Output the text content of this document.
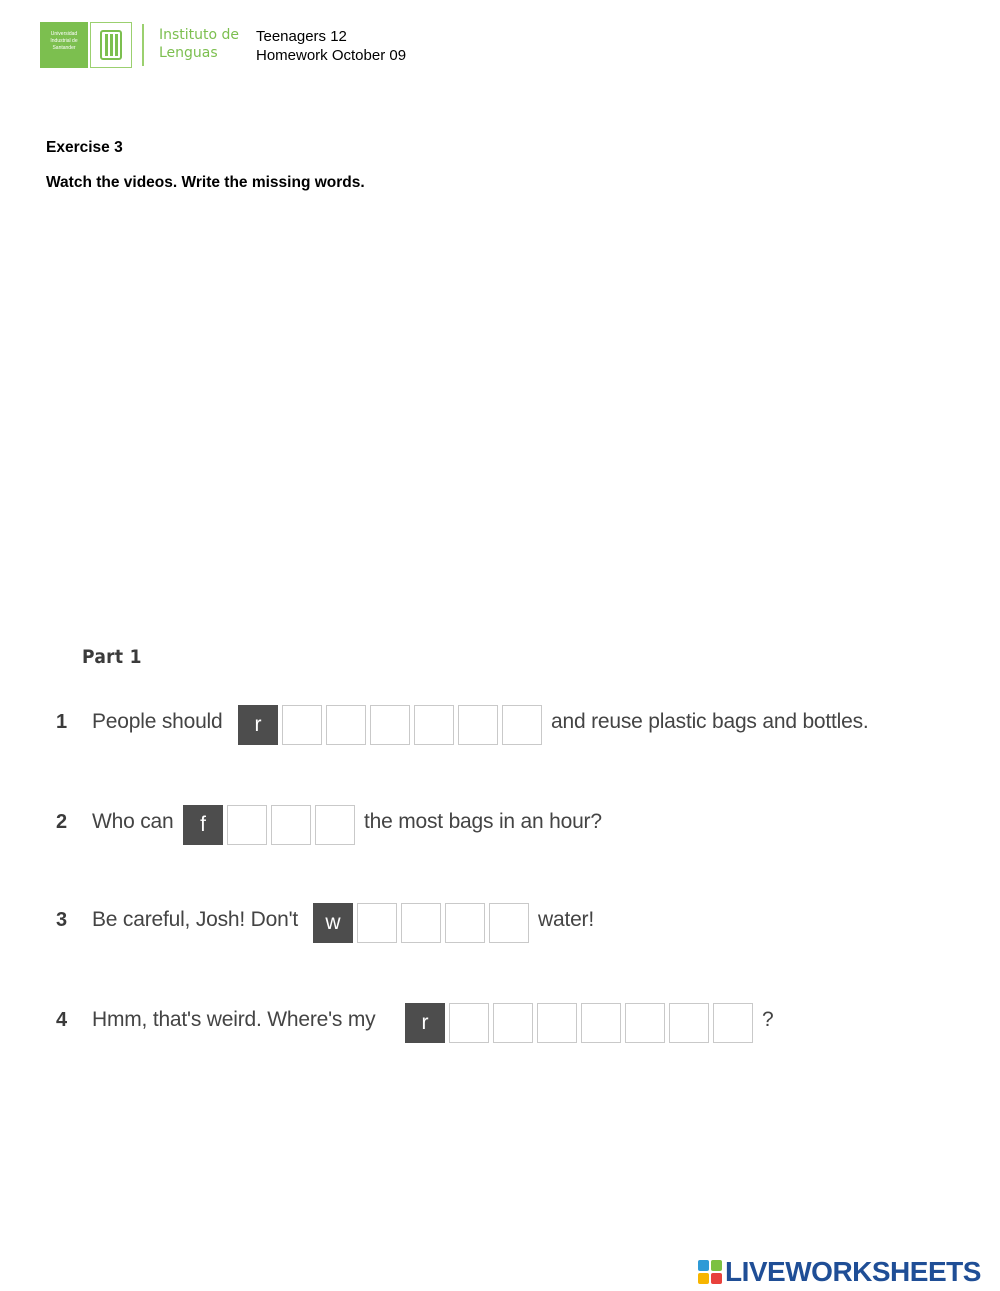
Universidad
Industrial de
Santander
Instituto de
Lenguas
Teenagers 12
Homework October 09
Exercise 3
Watch the videos. Write the missing words.
Part 1
1 People should	r	and reuse plastic bags and bottles.
2 Who can	f	the most bags in an hour?
3 Be careful, Josh! Don't	w	water!
4 Hmm, that's weird. Where's my	r	?
LIVEWORKSHEETS
